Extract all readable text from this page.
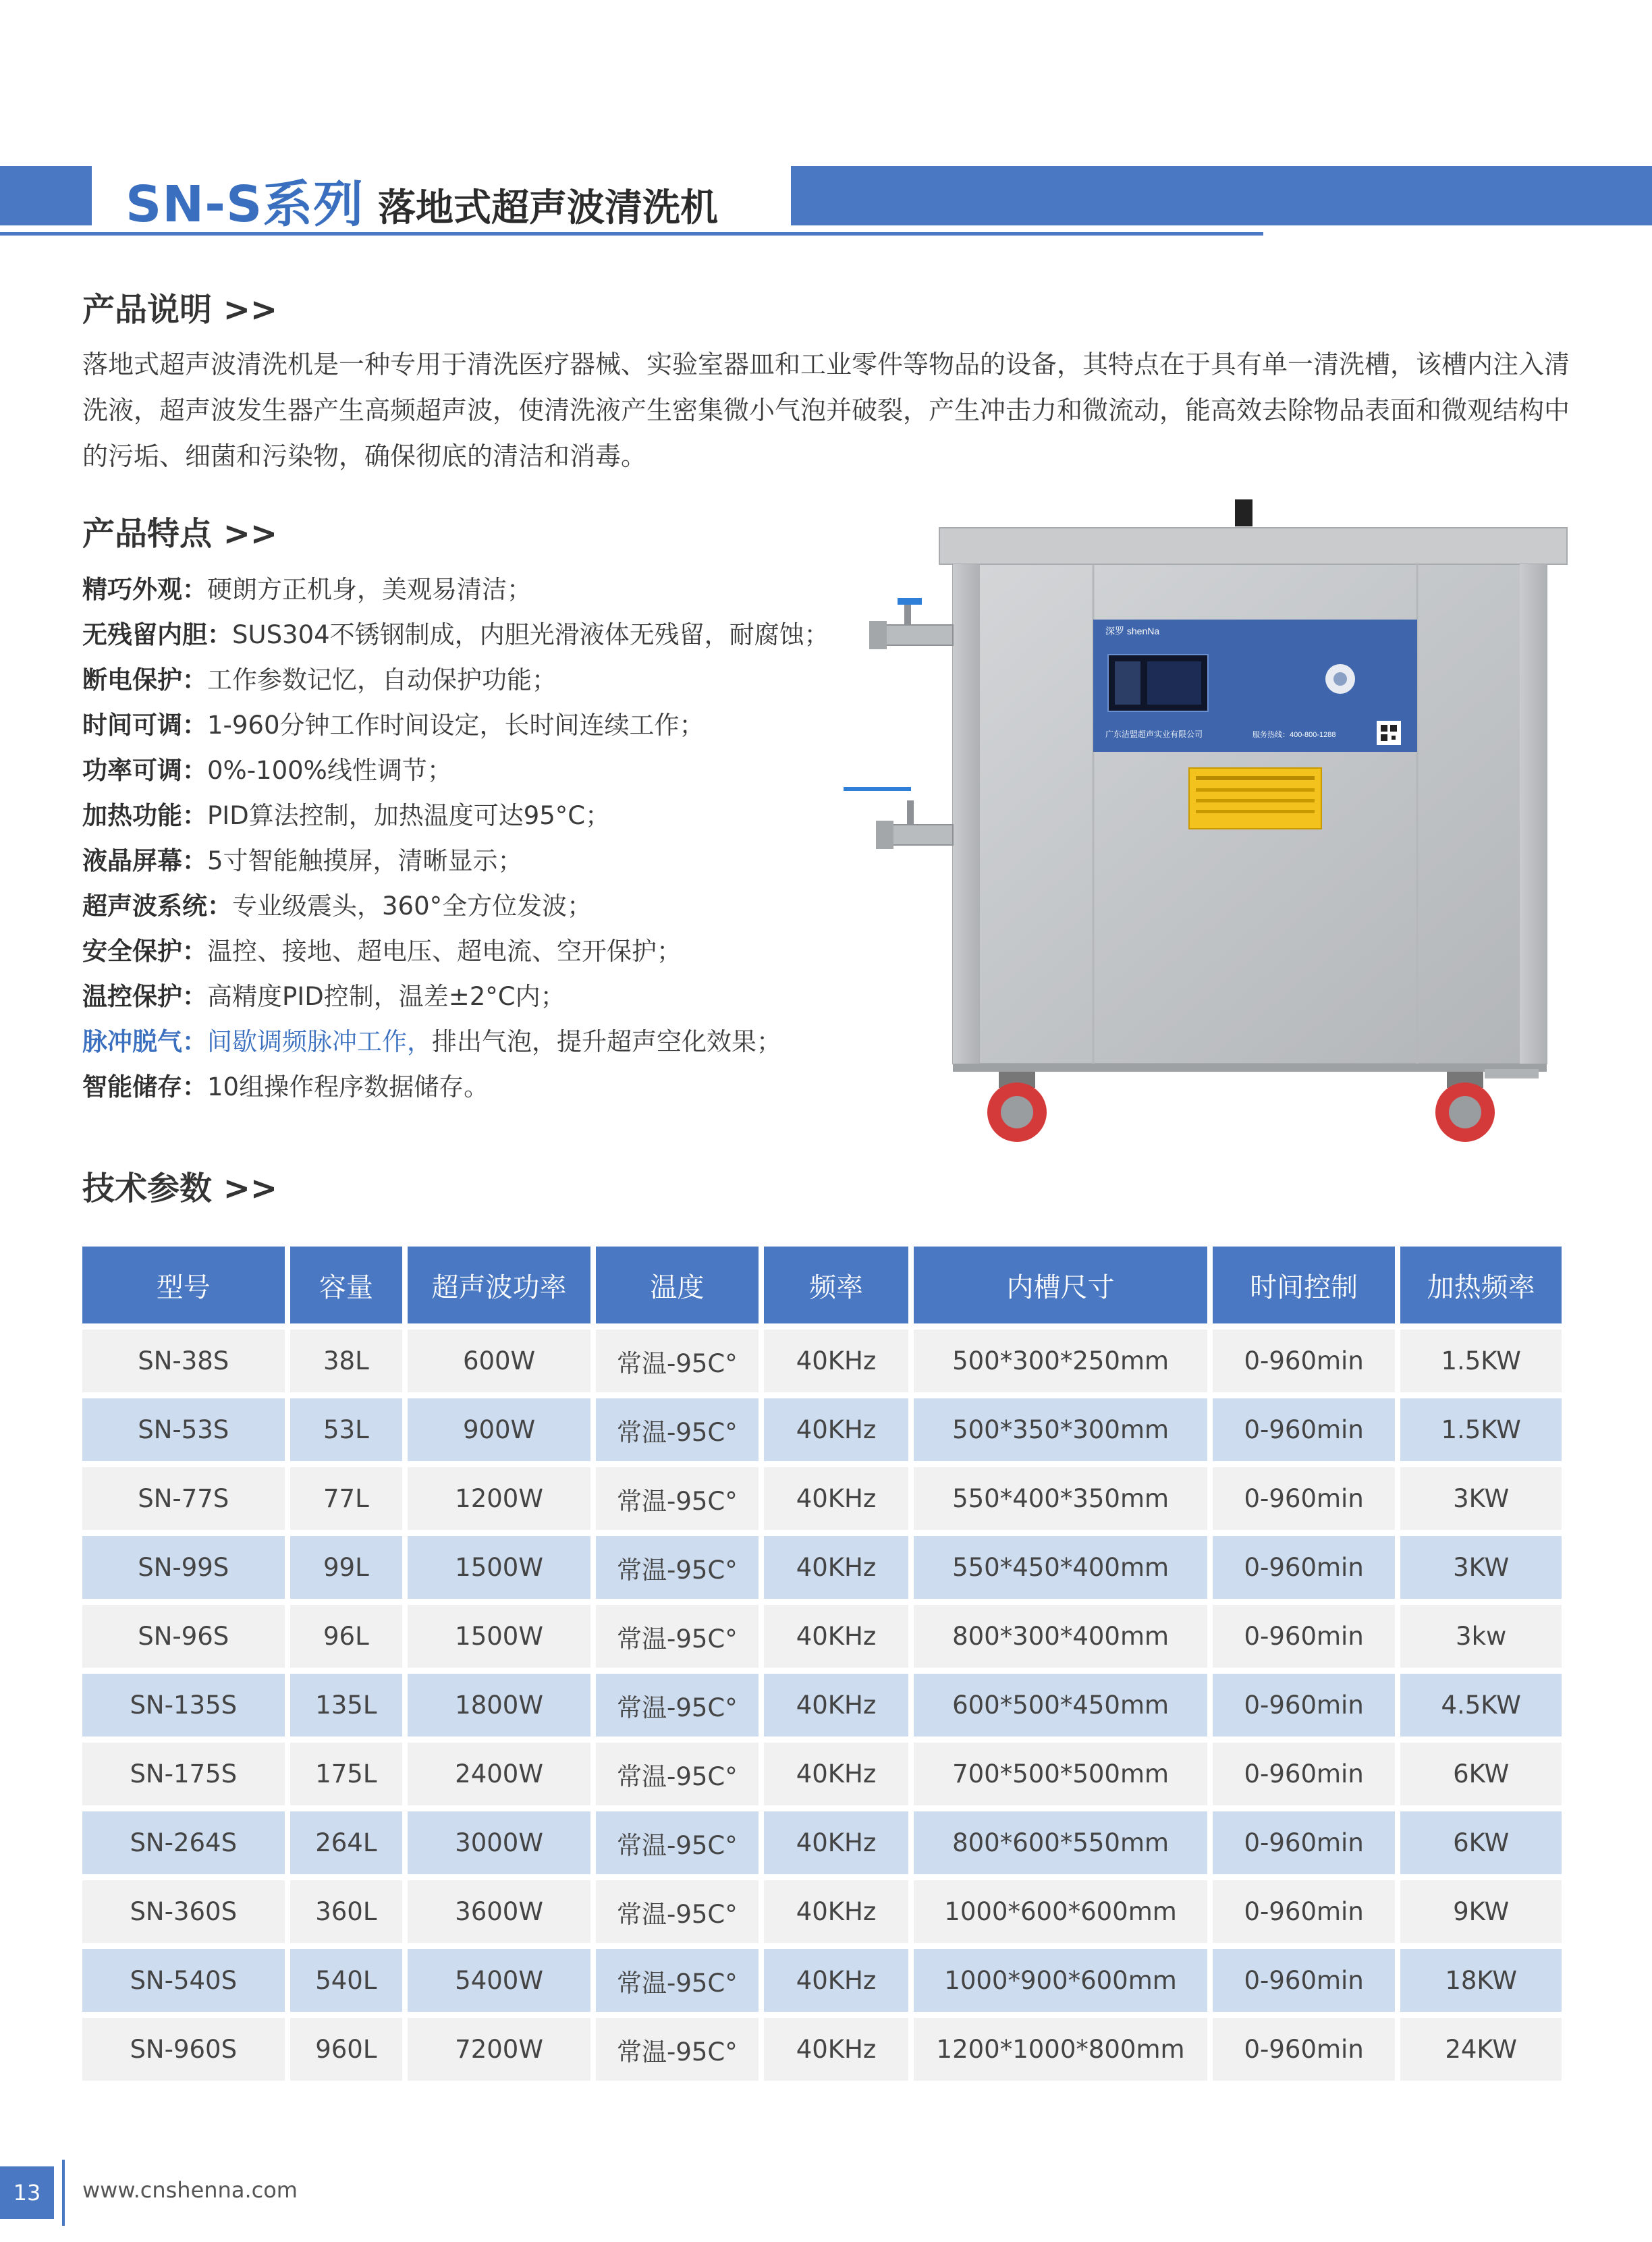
SN-S系列 落地式超声波清洗机
产品说明 >>
落地式超声波清洗机是一种专用于清洗医疗器械、实验室器皿和工业零件等物品的设备，其特点在于具有单一清洗槽，该槽内注入清洗液，超声波发生器产生高频超声波，使清洗液产生密集微小气泡并破裂，产生冲击力和微流动，能高效去除物品表面和微观结构中的污垢、细菌和污染物，确保彻底的清洁和消毒。
产品特点 >>
精巧外观：硬朗方正机身，美观易清洁；
无残留内胆：SUS304不锈钢制成，内胆光滑液体无残留，耐腐蚀；
断电保护：工作参数记忆，自动保护功能；
时间可调：1-960分钟工作时间设定，长时间连续工作；
功率可调：0%-100%线性调节；
加热功能：PID算法控制，加热温度可达95°C；
液晶屏幕：5寸智能触摸屏，清晰显示；
超声波系统：专业级震头，360°全方位发波；
安全保护：温控、接地、超电压、超电流、空开保护；
温控保护：高精度PID控制，温差±2°C内；
脉冲脱气：间歇调频脉冲工作，排出气泡，提升超声空化效果；
智能储存：10组操作程序数据储存。
深罗 shenNa
广东洁盟超声实业有限公司	服务热线：400-800-1288
技术参数 >>
型号	容量	超声波功率	温度	频率	内槽尺寸	时间控制	加热频率
SN-38S	38L	600W	常温-95C°	40KHz	500*300*250mm	0-960min	1.5KW
SN-53S	53L	900W	常温-95C°	40KHz	500*350*300mm	0-960min	1.5KW
SN-77S	77L	1200W	常温-95C°	40KHz	550*400*350mm	0-960min	3KW
SN-99S	99L	1500W	常温-95C°	40KHz	550*450*400mm	0-960min	3KW
SN-96S	96L	1500W	常温-95C°	40KHz	800*300*400mm	0-960min	3kw
SN-135S	135L	1800W	常温-95C°	40KHz	600*500*450mm	0-960min	4.5KW
SN-175S	175L	2400W	常温-95C°	40KHz	700*500*500mm	0-960min	6KW
SN-264S	264L	3000W	常温-95C°	40KHz	800*600*550mm	0-960min	6KW
SN-360S	360L	3600W	常温-95C°	40KHz	1000*600*600mm	0-960min	9KW
SN-540S	540L	5400W	常温-95C°	40KHz	1000*900*600mm	0-960min	18KW
SN-960S	960L	7200W	常温-95C°	40KHz	1200*1000*800mm	0-960min	24KW
13	www.cnshenna.com
